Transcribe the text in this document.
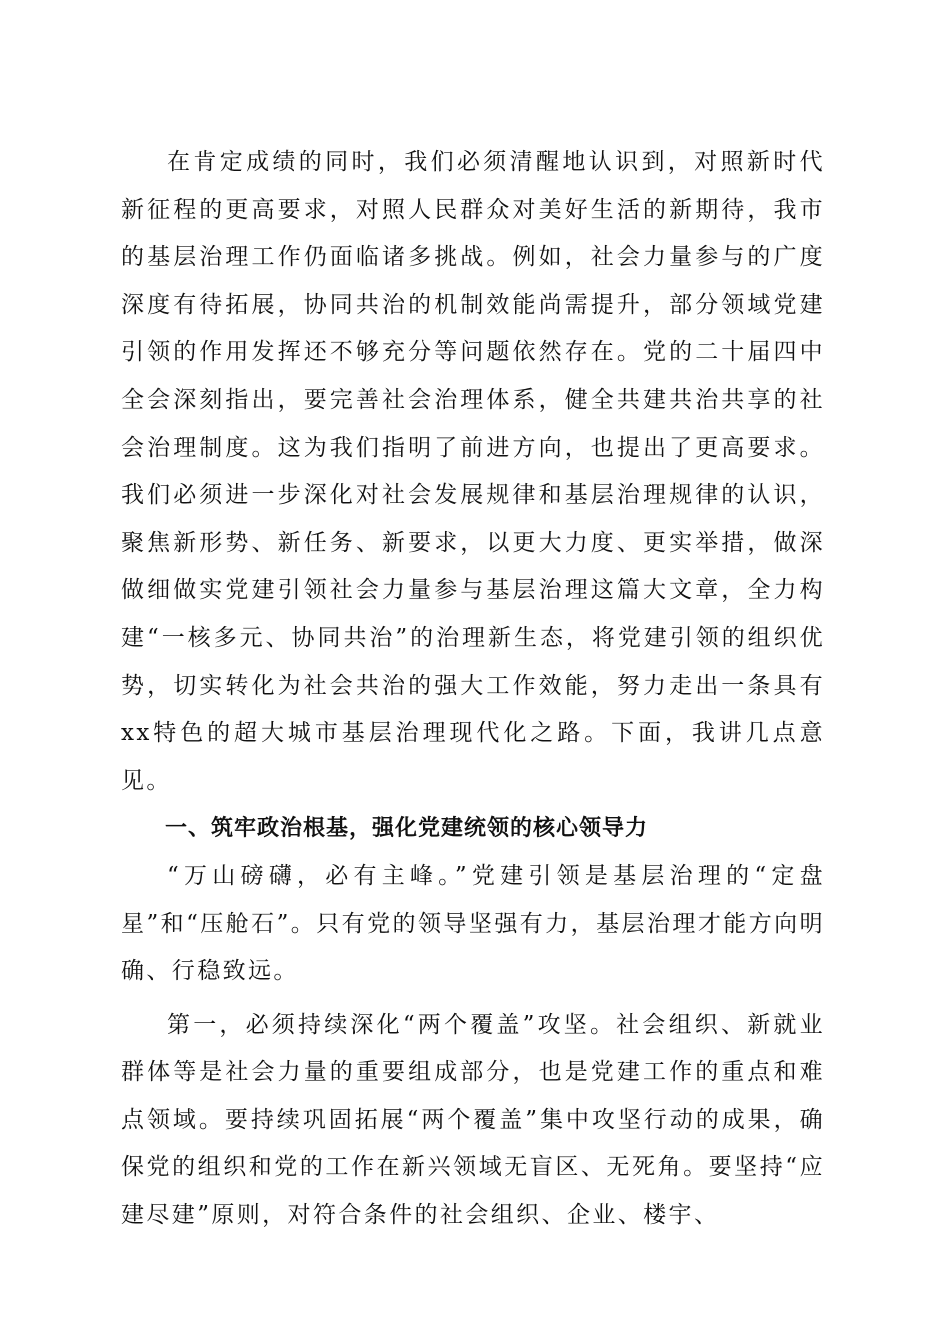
在肯定成绩的同时，我们必须清醒地认识到，对照新时代新征程的更高要求，对照人民群众对美好生活的新期待，我市的基层治理工作仍面临诸多挑战。例如，社会力量参与的广度深度有待拓展，协同共治的机制效能尚需提升，部分领域党建引领的作用发挥还不够充分等问题依然存在。党的二十届四中全会深刻指出，要完善社会治理体系，健全共建共治共享的社会治理制度。这为我们指明了前进方向，也提出了更高要求。我们必须进一步深化对社会发展规律和基层治理规律的认识，聚焦新形势、新任务、新要求，以更大力度、更实举措，做深做细做实党建引领社会力量参与基层治理这篇大文章，全力构建“一核多元、协同共治”的治理新生态，将党建引领的组织优势，切实转化为社会共治的强大工作效能，努力走出一条具有xx特色的超大城市基层治理现代化之路。下面，我讲几点意见。

一、筑牢政治根基，强化党建统领的核心领导力

“万山磅礴，必有主峰。”党建引领是基层治理的“定盘星”和“压舱石”。只有党的领导坚强有力，基层治理才能方向明确、行稳致远。

第一，必须持续深化“两个覆盖”攻坚。社会组织、新就业群体等是社会力量的重要组成部分，也是党建工作的重点和难点领域。要持续巩固拓展“两个覆盖”集中攻坚行动的成果，确保党的组织和党的工作在新兴领域无盲区、无死角。要坚持“应建尽建”原则，对符合条件的社会组织、企业、楼宇、
